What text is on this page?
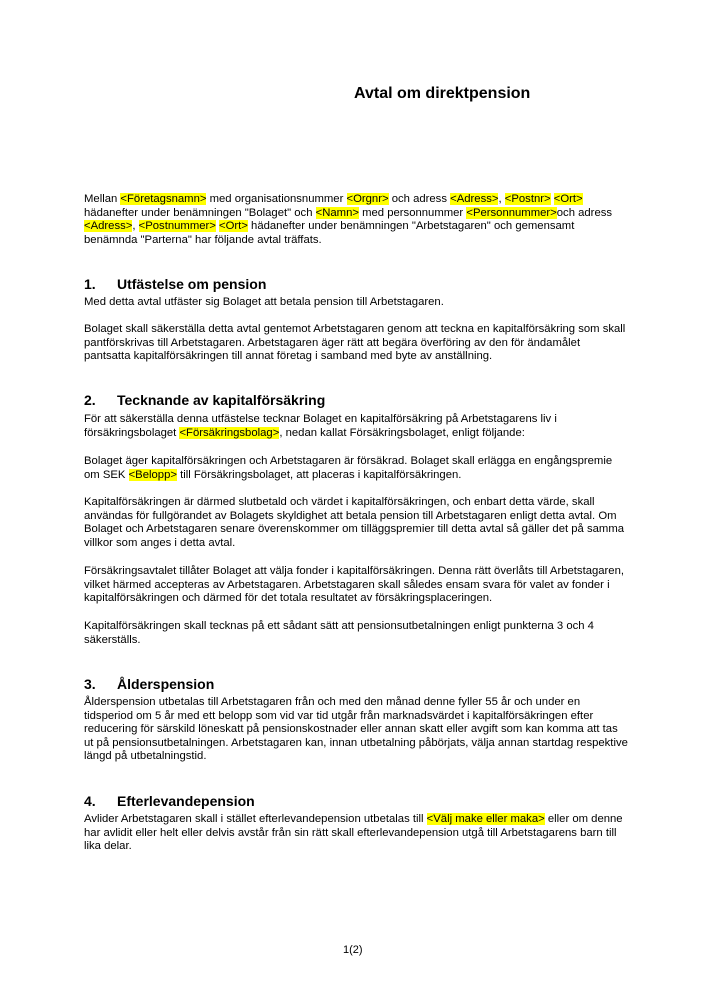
Avtal om direktpension
Mellan <Företagsnamn> med organisationsnummer <Orgnr> och adress <Adress>, <Postnr> <Ort> hädanefter under benämningen "Bolaget" och <Namn> med personnummer <Personnummer>och adress <Adress>, <Postnummer> <Ort> hädanefter under benämningen "Arbetstagaren" och gemensamt benämnda "Parterna" har följande avtal träffats.
1. Utfästelse om pension
Med detta avtal utfäster sig Bolaget att betala pension till Arbetstagaren.
Bolaget skall säkerställa detta avtal gentemot Arbetstagaren genom att teckna en kapitalförsäkring som skall pantförskrivas till Arbetstagaren. Arbetstagaren äger rätt att begära överföring av den för ändamålet pantsatta kapitalförsäkringen till annat företag i samband med byte av anställning.
2. Tecknande av kapitalförsäkring
För att säkerställa denna utfästelse tecknar Bolaget en kapitalförsäkring på Arbetstagarens liv i försäkringsbolaget <Försäkringsbolag>, nedan kallat Försäkringsbolaget, enligt följande:
Bolaget äger kapitalförsäkringen och Arbetstagaren är försäkrad. Bolaget skall erlägga en engångspremie om SEK <Belopp> till Försäkringsbolaget, att placeras i kapitalförsäkringen.
Kapitalförsäkringen är därmed slutbetald och värdet i kapitalförsäkringen, och enbart detta värde, skall användas för fullgörandet av Bolagets skyldighet att betala pension till Arbetstagaren enligt detta avtal. Om Bolaget och Arbetstagaren senare överenskommer om tilläggspremier till detta avtal så gäller det på samma villkor som anges i detta avtal.
Försäkringsavtalet tillåter Bolaget att välja fonder i kapitalförsäkringen. Denna rätt överlåts till Arbetstagaren, vilket härmed accepteras av Arbetstagaren. Arbetstagaren skall således ensam svara för valet av fonder i kapitalförsäkringen och därmed för det totala resultatet av försäkringsplaceringen.
Kapitalförsäkringen skall tecknas på ett sådant sätt att pensionsutbetalningen enligt punkterna 3 och 4 säkerställs.
3. Ålderspension
Ålderspension utbetalas till Arbetstagaren från och med den månad denne fyller 55 år och under en tidsperiod om 5 år med ett belopp som vid var tid utgår från marknadsvärdet i kapitalförsäkringen efter reducering för särskild löneskatt på pensionskostnader eller annan skatt eller avgift som kan komma att tas ut på pensionsutbetalningen. Arbetstagaren kan, innan utbetalning påbörjats, välja annan startdag respektive längd på utbetalningstid.
4. Efterlevandepension
Avlider Arbetstagaren skall i stället efterlevandepension utbetalas till <Välj make eller maka> eller om denne har avlidit eller helt eller delvis avstår från sin rätt skall efterlevandepension utgå till Arbetstagarens barn till lika delar.
1(2)
